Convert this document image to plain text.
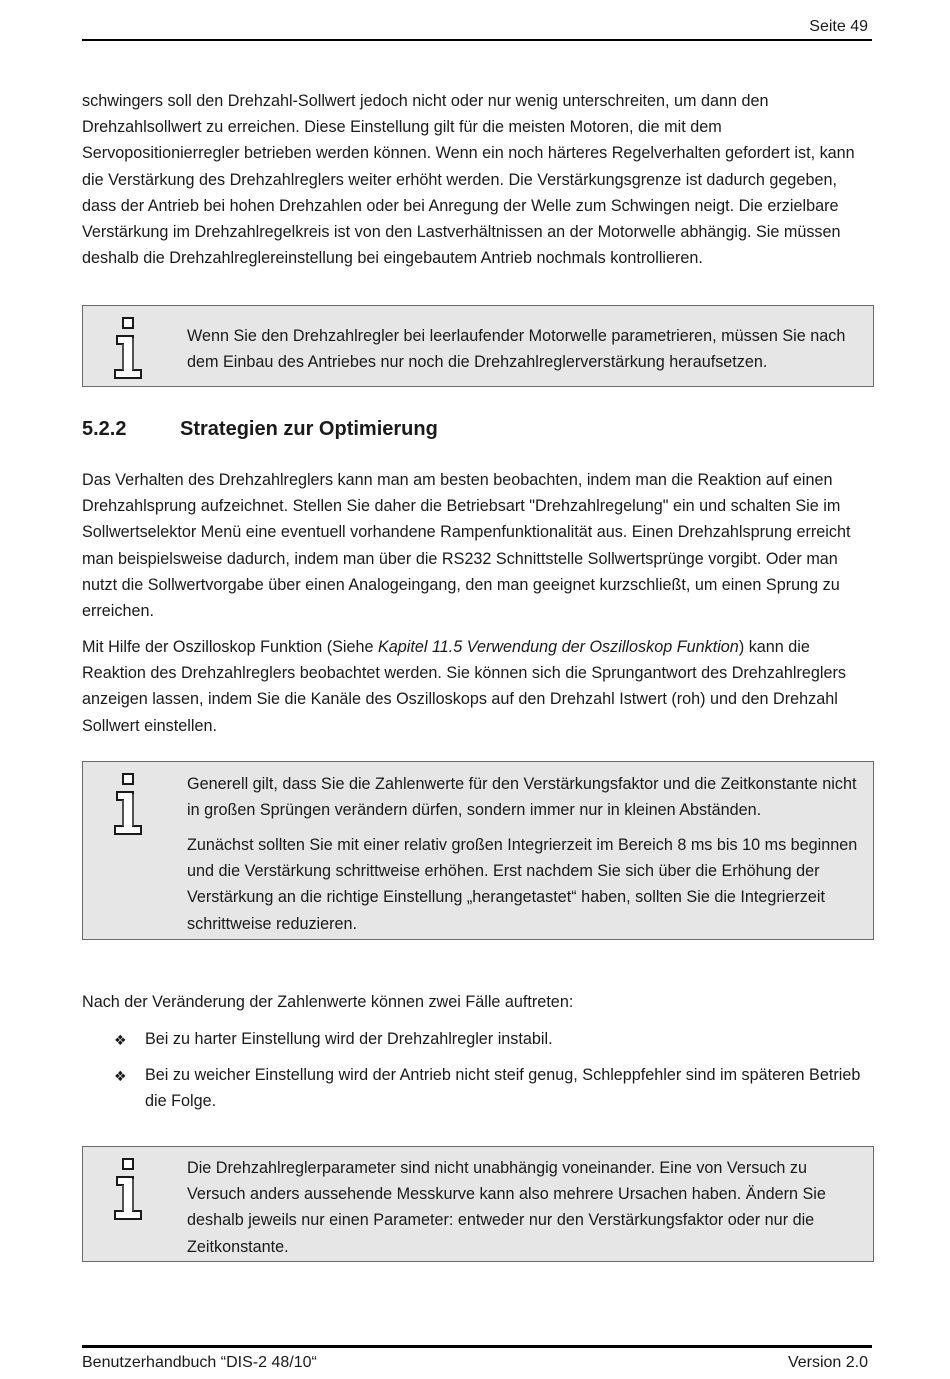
Seite 49

schwingers soll den Drehzahl-Sollwert jedoch nicht oder nur wenig unterschreiten, um dann den Drehzahlsollwert zu erreichen. Diese Einstellung gilt für die meisten Motoren, die mit dem Servopositionierregler betrieben werden können. Wenn ein noch härteres Regelverhalten gefordert ist, kann die Verstärkung des Drehzahlreglers weiter erhöht werden. Die Verstärkungsgrenze ist dadurch gegeben, dass der Antrieb bei hohen Drehzahlen oder bei Anregung der Welle zum Schwingen neigt. Die erzielbare Verstärkung im Drehzahlregelkreis ist von den Lastverhältnissen an der Motorwelle abhängig. Sie müssen deshalb die Drehzahlreglereinstellung bei eingebautem Antrieb nochmals kontrollieren.

Wenn Sie den Drehzahlregler bei leerlaufender Motorwelle parametrieren, müssen Sie nach dem Einbau des Antriebes nur noch die Drehzahlreglerverstärkung heraufsetzen.

5.2.2	Strategien zur Optimierung

Das Verhalten des Drehzahlreglers kann man am besten beobachten, indem man die Reaktion auf einen Drehzahlsprung aufzeichnet. Stellen Sie daher die Betriebsart "Drehzahlregelung" ein und schalten Sie im Sollwertselektor Menü eine eventuell vorhandene Rampenfunktionalität aus. Einen Drehzahlsprung erreicht man beispielsweise dadurch, indem man über die RS232 Schnittstelle Sollwertsprünge vorgibt. Oder man nutzt die Sollwertvorgabe über einen Analogeingang, den man geeignet kurzschließt, um einen Sprung zu erreichen.

Mit Hilfe der Oszilloskop Funktion (Siehe Kapitel 11.5 Verwendung der Oszilloskop Funktion) kann die Reaktion des Drehzahlreglers beobachtet werden. Sie können sich die Sprungantwort des Drehzahlreglers anzeigen lassen, indem Sie die Kanäle des Oszilloskops auf den Drehzahl Istwert (roh) und den Drehzahl Sollwert einstellen.

Generell gilt, dass Sie die Zahlenwerte für den Verstärkungsfaktor und die Zeitkonstante nicht in großen Sprüngen verändern dürfen, sondern immer nur in kleinen Abständen.

Zunächst sollten Sie mit einer relativ großen Integrierzeit im Bereich 8 ms bis 10 ms beginnen und die Verstärkung schrittweise erhöhen. Erst nachdem Sie sich über die Erhöhung der Verstärkung an die richtige Einstellung „herangetastet“ haben, sollten Sie die Integrierzeit schrittweise reduzieren.

Nach der Veränderung der Zahlenwerte können zwei Fälle auftreten:

❖ Bei zu harter Einstellung wird der Drehzahlregler instabil.

❖ Bei zu weicher Einstellung wird der Antrieb nicht steif genug, Schleppfehler sind im späteren Betrieb die Folge.

Die Drehzahlreglerparameter sind nicht unabhängig voneinander. Eine von Versuch zu Versuch anders aussehende Messkurve kann also mehrere Ursachen haben. Ändern Sie deshalb jeweils nur einen Parameter: entweder nur den Verstärkungsfaktor oder nur die Zeitkonstante.

Benutzerhandbuch “DIS-2 48/10“	Version 2.0
